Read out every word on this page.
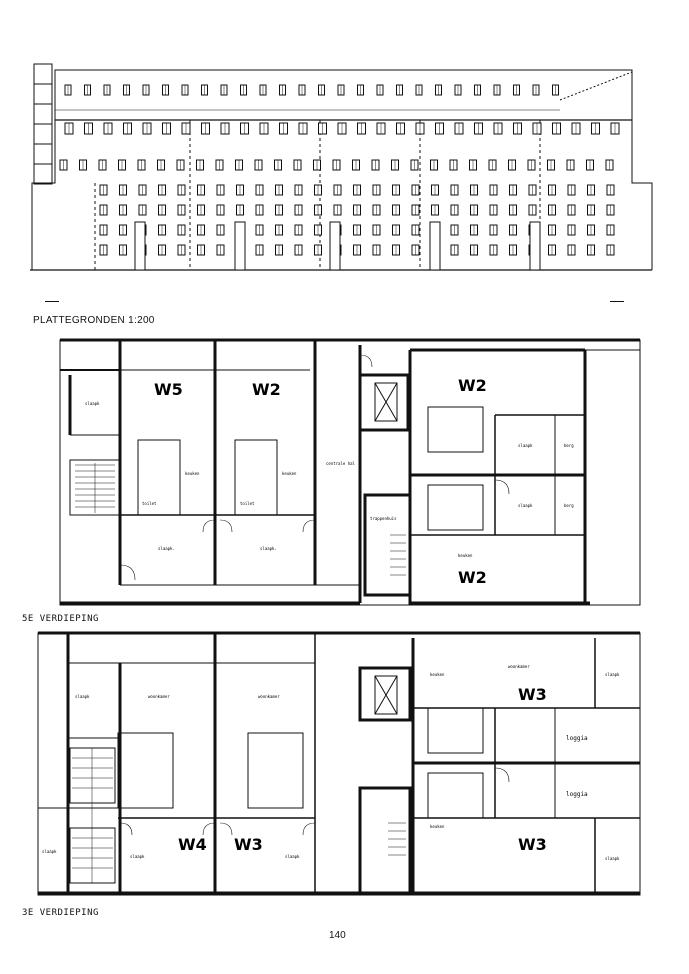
PLATTEGRONDEN 1:200
W5	W2	W2
W2
slaapk
keuken	keuken
toilet	toilet
slaapk.	slaapk.
centrale hal
trappenhuis
slaapk
slaapk
berg
berg
keuken
5E VERDIEPING
W4 W3
W3
W3
woonkamer	woonkamer
slaapk
slaapk
slaapk	slaapk
keuken
keuken
woonkamer
loggia
loggia
slaapk
slaapk
3E VERDIEPING
140
